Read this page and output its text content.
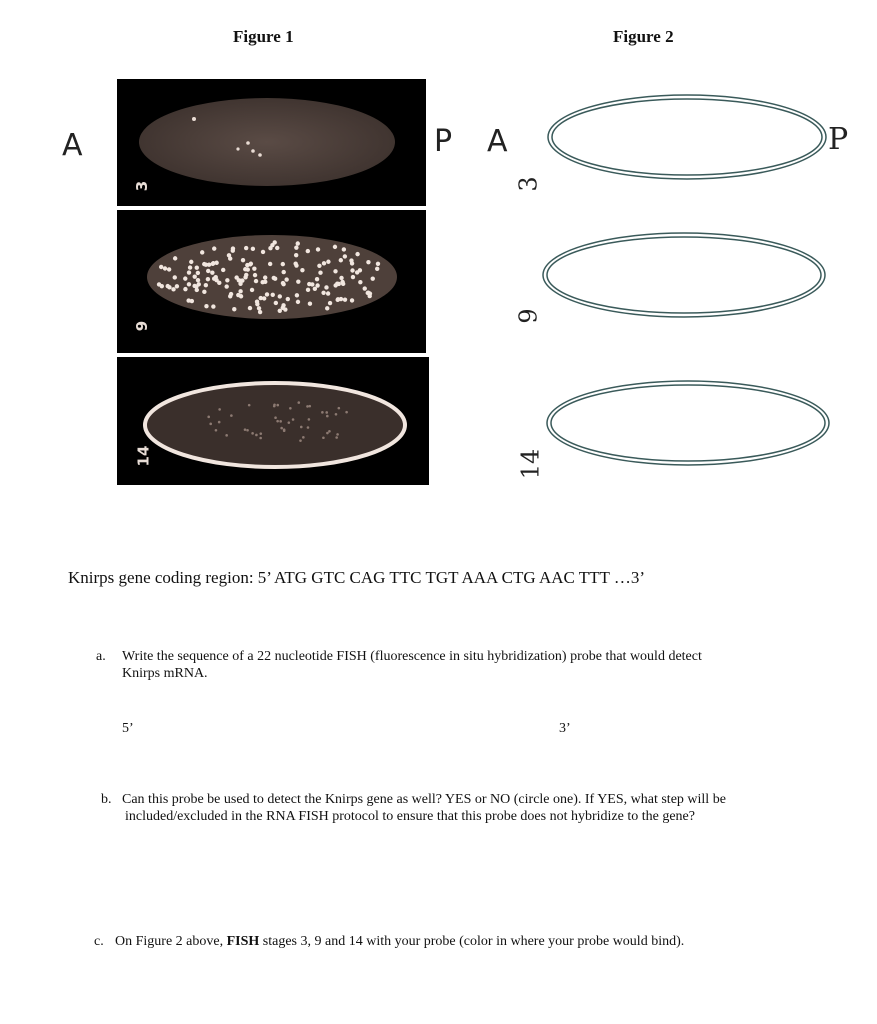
Figure 1	Figure 2
A	P
3
9
14
A	P
3
9
14
Knirps gene coding region: 5’ ATG GTC CAG TTC TGT AAA CTG AAC TTT …3’
a. Write the sequence of a 22 nucleotide FISH (fluorescence in situ hybridization) probe that would detect
Knirps mRNA.
5’	3’
b. Can this probe be used to detect the Knirps gene as well? YES or NO (circle one). If YES, what step will be
included/excluded in the RNA FISH protocol to ensure that this probe does not hybridize to the gene?
c. On Figure 2 above, FISH stages 3, 9 and 14 with your probe (color in where your probe would bind).
